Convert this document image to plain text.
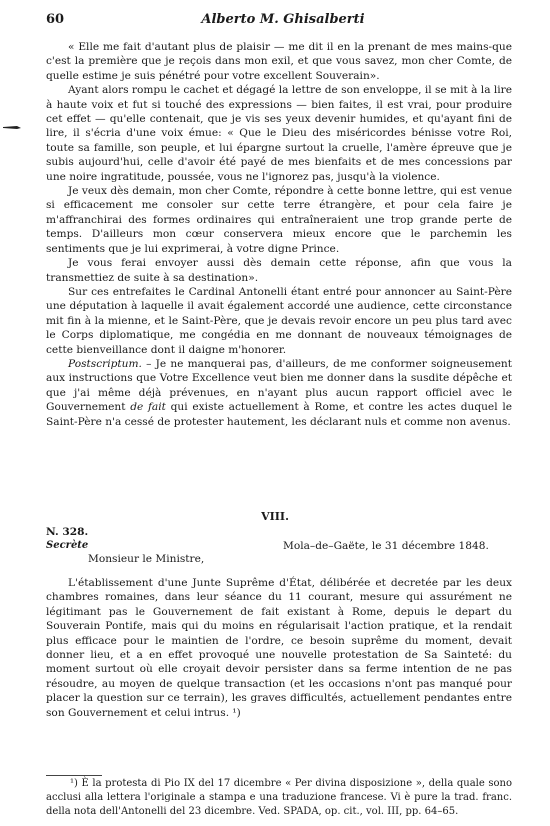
60	Alberto M. Ghisalberti

« Elle me fait d'autant plus de plaisir — me dit il en la prenant de mes mains-que c'est la première que je reçois dans mon exil, et que vous savez, mon cher Comte, de quelle estime je suis pénétré pour votre excellent Souverain».

Ayant alors rompu le cachet et dégagé la lettre de son enveloppe, il se mit à la lire à haute voix et fut si touché des expressions — bien faites, il est vrai, pour produire cet effet — qu'elle contenait, que je vis ses yeux devenir humides, et qu'ayant fini de lire, il s'écria d'une voix émue: « Que le Dieu des miséricordes bénisse votre Roi, toute sa famille, son peuple, et lui épargne surtout la cruelle, l'amère épreuve que je subis aujourd'hui, celle d'avoir été payé de mes bienfaits et de mes concessions par une noire ingratitude, poussée, vous ne l'ignorez pas, jusqu'à la violence.

Je veux dès demain, mon cher Comte, répondre à cette bonne lettre, qui est venue si efficacement me consoler sur cette terre étrangère, et pour cela faire je m'affranchirai des formes ordinaires qui entraîneraient une trop grande perte de temps. D'ailleurs mon cœur conservera mieux encore que le parchemin les sentiments que je lui exprimerai, à votre digne Prince.

Je vous ferai envoyer aussi dès demain cette réponse, afin que vous la transmettiez de suite à sa destination».

Sur ces entrefaites le Cardinal Antonelli étant entré pour annoncer au Saint-Père une députation à laquelle il avait également accordé une audience, cette circonstance mit fin à la mienne, et le Saint-Père, que je devais revoir encore un peu plus tard avec le Corps diplomatique, me congédia en me donnant de nouveaux témoignages de cette bienveillance dont il daigne m'honorer.

Postscriptum. – Je ne manquerai pas, d'ailleurs, de me conformer soigneusement aux instructions que Votre Excellence veut bien me donner dans la susdite dépêche et que j'ai même déjà prévenues, en n'ayant plus aucun rapport officiel avec le Gouvernement de fait qui existe actuellement à Rome, et contre les actes duquel le Saint-Père n'a cessé de protester hautement, les déclarant nuls et comme non avenus.

VIII.
N. 328.
Secrète	Mola–de–Gaëte, le 31 décembre 1848.
Monsieur le Ministre,

L'établissement d'une Junte Suprême d'État, délibérée et decretée par les deux chambres romaines, dans leur séance du 11 courant, mesure qui assurément ne légitimant pas le Gouvernement de fait existant à Rome, depuis le depart du Souverain Pontife, mais qui du moins en régularisait l'action pratique, et la rendait plus efficace pour le maintien de l'ordre, ce besoin suprême du moment, devait donner lieu, et a en effet provoqué une nouvelle protestation de Sa Sainteté: du moment surtout où elle croyait devoir persister dans sa ferme intention de ne pas résoudre, au moyen de quelque transaction (et les occasions n'ont pas manqué pour placer la question sur ce terrain), les graves difficultés, actuellement pendantes entre son Gouvernement et celui intrus. ¹)

¹) È la protesta di Pio IX del 17 dicembre « Per divina disposizione », della quale sono acclusi alla lettera l'originale a stampa e una traduzione francese. Vi è pure la trad. franc. della nota dell'Antonelli del 23 dicembre. Ved. SPADA, op. cit., vol. III, pp. 64–65.
